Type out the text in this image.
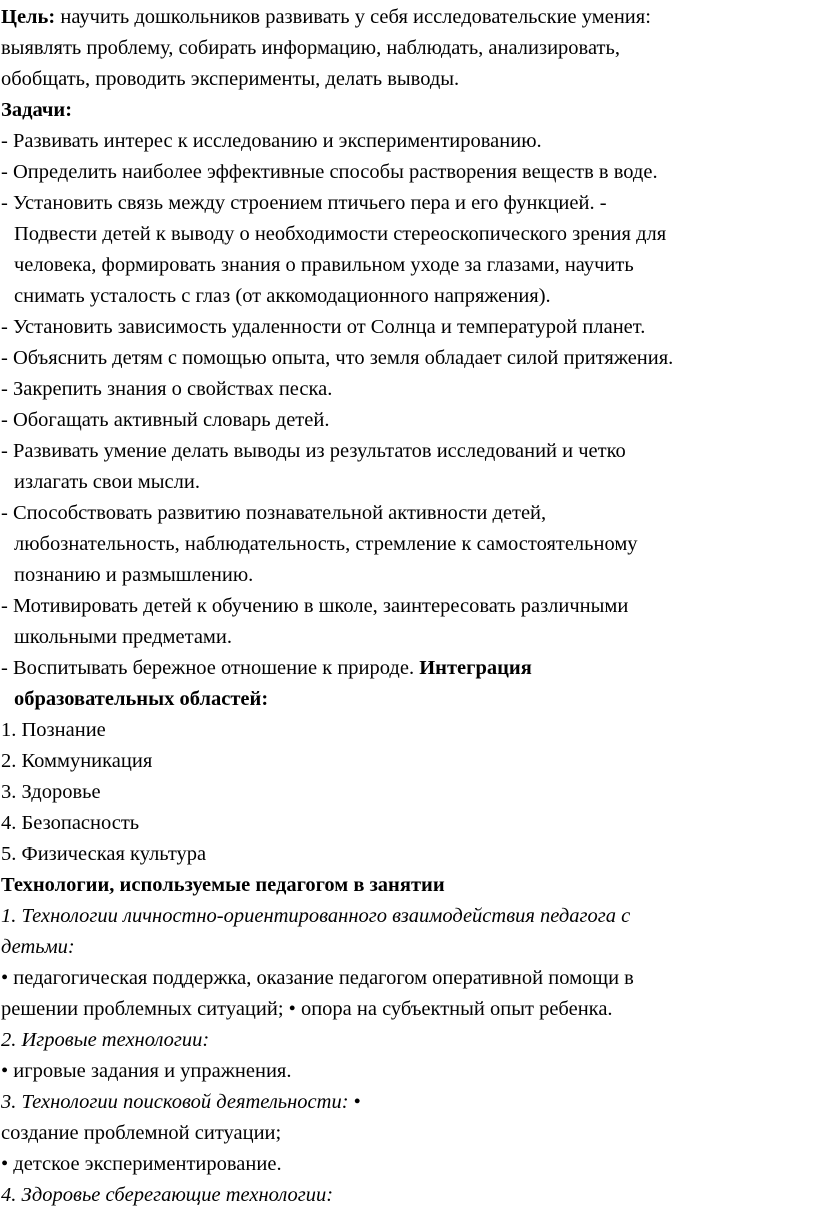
Цель: научить дошкольников развивать у себя исследовательские умения:
выявлять проблему, собирать информацию, наблюдать, анализировать,
обобщать, проводить эксперименты, делать выводы.
Задачи:
- Развивать интерес к исследованию и экспериментированию.
- Определить наиболее эффективные способы растворения веществ в воде.
- Установить связь между строением птичьего пера и его функцией. -
Подвести детей к выводу о необходимости стереоскопического зрения для
человека, формировать знания о правильном уходе за глазами, научить
снимать усталость с глаз (от аккомодационного напряжения).
- Установить зависимость удаленности от Солнца и температурой планет.
- Объяснить детям с помощью опыта, что земля обладает силой притяжения.
- Закрепить знания о свойствах песка.
- Обогащать активный словарь детей.
- Развивать умение делать выводы из результатов исследований и четко
излагать свои мысли.
- Способствовать развитию познавательной активности детей,
любознательность, наблюдательность, стремление к самостоятельному
познанию и размышлению.
- Мотивировать детей к обучению в школе, заинтересовать различными
школьными предметами.
- Воспитывать бережное отношение к природе. Интеграция
образовательных областей:
1. Познание
2. Коммуникация
3. Здоровье
4. Безопасность
5. Физическая культура
Технологии, используемые педагогом в занятии
1. Технологии личностно-ориентированного взаимодействия педагога с
детьми:
• педагогическая поддержка, оказание педагогом оперативной помощи в
решении проблемных ситуаций; • опора на субъектный опыт ребенка.
2. Игровые технологии:
• игровые задания и упражнения.
3. Технологии поисковой деятельности: •
создание проблемной ситуации;
• детское экспериментирование.
4. Здоровье сберегающие технологии:
